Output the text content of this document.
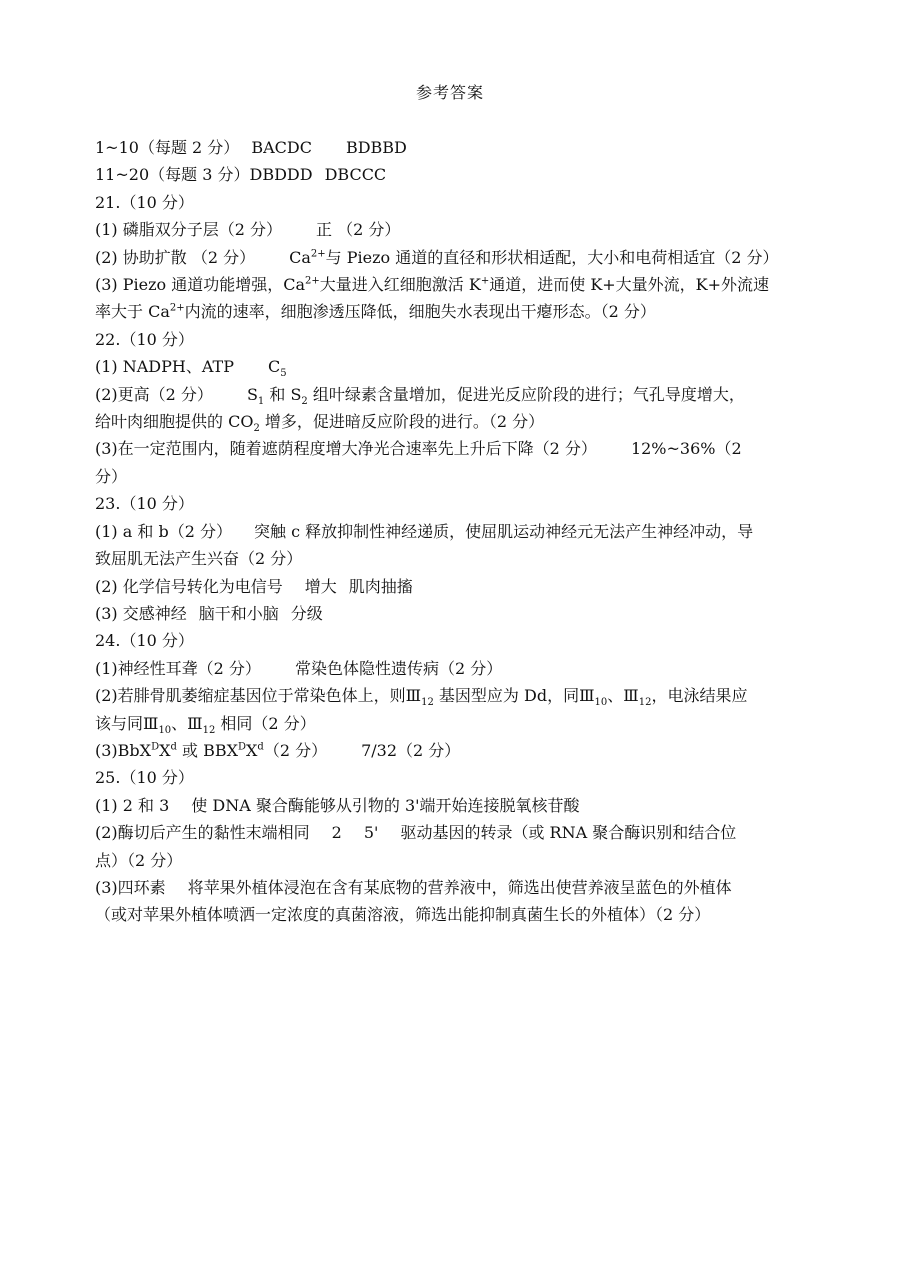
参考答案
1~10（每题 2 分） BACDC BDBBD
11~20（每题 3 分）DBDDD DBCCC
21.（10 分）
(1) 磷脂双分子层（2 分） 正 （2 分）
(2) 协助扩散 （2 分） $Ca^{2+}$与 Piezo 通道的直径和形状相适配，大小和电荷相适宜（2 分）
(3) Piezo 通道功能增强，$Ca^{2+}$大量进入红细胞激活 K+通道，进而使 K+大量外流，K+外流速
率大于 $Ca^{2+}$内流的速率，细胞渗透压降低，细胞失水表现出干瘪形态。（2 分）
22.（10 分）
(1) NADPH、ATP $C_5$
(2)更高（2 分） $S_1$ 和 $S_2$ 组叶绿素含量增加，促进光反应阶段的进行；气孔导度增大，
给叶肉细胞提供的 $CO_2$ 增多，促进暗反应阶段的进行。（2 分）
(3)在一定范围内，随着遮荫程度增大净光合速率先上升后下降（2 分） 12%~36%（2
分）
23.（10 分）
(1) a 和 b（2 分） 突触 c 释放抑制性神经递质，使屈肌运动神经元无法产生神经冲动，导
致屈肌无法产生兴奋（2 分）
(2) 化学信号转化为电信号 增大 肌肉抽搐
(3) 交感神经 脑干和小脑 分级
24.（10 分）
(1)神经性耳聋（2 分） 常染色体隐性遗传病（2 分）
(2)若腓骨肌萎缩症基因位于常染色体上，则$Ⅲ_{12}$ 基因型应为 Dd，同$Ⅲ_{10}$、$Ⅲ_{12}$，电泳结果应
该与同$Ⅲ_{10}$、$Ⅲ_{12}$ 相同（2 分）
$(3)BbX^DX^d$ 或 $BBX^DX^d(2$ 分） 7/32（2 分）
25.（10 分）
(1) 2 和 3 使 DNA 聚合酶能够从引物的 3'端开始连接脱氧核苷酸
(2)酶切后产生的黏性末端相同 2 5' 驱动基因的转录（或 RNA 聚合酶识别和结合位
点）（2 分）
(3)四环素 将苹果外植体浸泡在含有某底物的营养液中，筛选出使营养液呈蓝色的外植体
（或对苹果外植体喷洒一定浓度的真菌溶液，筛选出能抑制真菌生长的外植体）（2 分）
